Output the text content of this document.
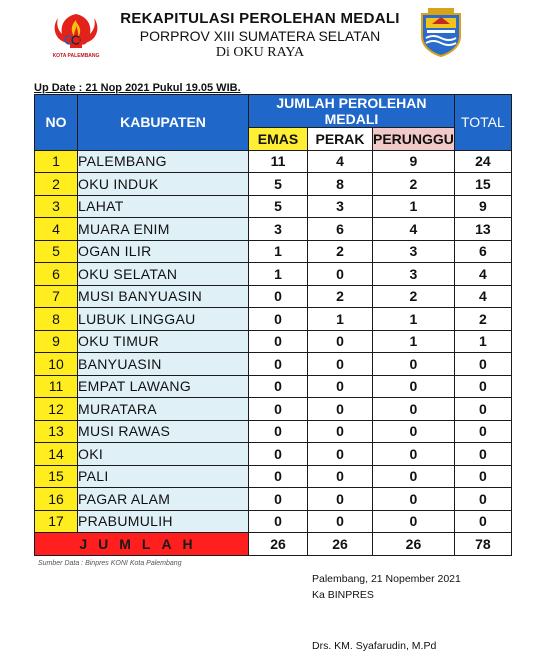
KOTA PALEMBANG
REKAPITULASI PEROLEHAN MEDALI
PORPROV XIII SUMATERA SELATAN
Di OKU RAYA
Up Date : 21 Nop 2021 Pukul 19.05 WIB.
NO	KABUPATEN	JUMLAH PEROLEHAN MEDALI			TOTAL
		EMAS	PERAK	PERUNGGU	
1	PALEMBANG	11	4	9	24
2	OKU INDUK	5	8	2	15
3	LAHAT	5	3	1	9
4	MUARA ENIM	3	6	4	13
5	OGAN ILIR	1	2	3	6
6	OKU SELATAN	1	0	3	4
7	MUSI BANYUASIN	0	2	2	4
8	LUBUK LINGGAU	0	1	1	2
9	OKU TIMUR	0	0	1	1
10	BANYUASIN	0	0	0	0
11	EMPAT LAWANG	0	0	0	0
12	MURATARA	0	0	0	0
13	MUSI RAWAS	0	0	0	0
14	OKI	0	0	0	0
15	PALI	0	0	0	0
16	PAGAR ALAM	0	0	0	0
17	PRABUMULIH	0	0	0	0
JUMLAH		26	26	26	78
Sumber Data : Binpres KONI Kota Palembang
Palembang, 21 Nopember 2021
Ka BINPRES
Drs. KM. Syafarudin, M.Pd
